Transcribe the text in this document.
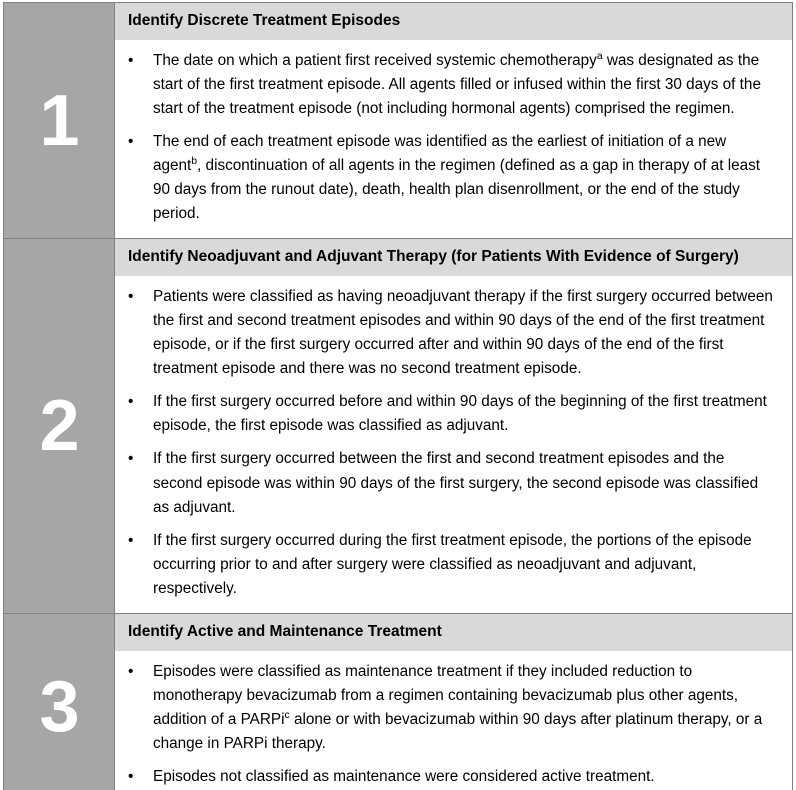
1

Identify Discrete Treatment Episodes
• The date on which a patient first received systemic chemotherapy$^a$ was designated as the start of the first treatment episode. All agents filled or infused within the first 30 days of the start of the treatment episode (not including hormonal agents) comprised the regimen.
• The end of each treatment episode was identified as the earliest of initiation of a new agent$^b$, discontinuation of all agents in the regimen (defined as a gap in therapy of at least 90 days from the runout date), death, health plan disenrollment, or the end of the study period.

2

Identify Neoadjuvant and Adjuvant Therapy (for Patients With Evidence of Surgery)
• Patients were classified as having neoadjuvant therapy if the first surgery occurred between the first and second treatment episodes and within 90 days of the end of the first treatment episode, or if the first surgery occurred after and within 90 days of the end of the first treatment episode and there was no second treatment episode.
• If the first surgery occurred before and within 90 days of the beginning of the first treatment episode, the first episode was classified as adjuvant.
• If the first surgery occurred between the first and second treatment episodes and the second episode was within 90 days of the first surgery, the second episode was classified as adjuvant.
• If the first surgery occurred during the first treatment episode, the portions of the episode occurring prior to and after surgery were classified as neoadjuvant and adjuvant, respectively.

3

Identify Active and Maintenance Treatment
• Episodes were classified as maintenance treatment if they included reduction to monotherapy bevacizumab from a regimen containing bevacizumab plus other agents, addition of a PARPi$^c$ alone or with bevacizumab within 90 days after platinum therapy, or a change in PARPi therapy.
• Episodes not classified as maintenance were considered active treatment.
